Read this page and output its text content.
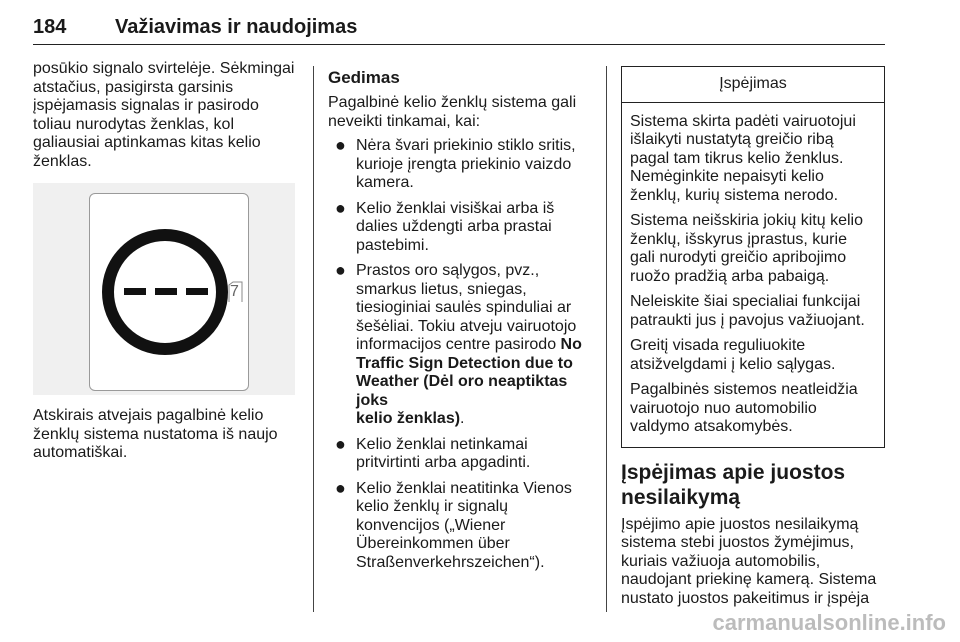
184 Važiavimas ir naudojimas

posūkio signalo svirtelėje. Sėkmingai
atstačius, pasigirsta garsinis
įspėjamasis signalas ir pasirodo
toliau nurodytas ženklas, kol
galiausiai aptinkamas kitas kelio
ženklas.

7

Atskirais atvejais pagalbinė kelio
ženklų sistema nustatoma iš naujo
automatiškai.

Gedimas

Pagalbinė kelio ženklų sistema gali
neveikti tinkamai, kai:

● Nėra švari priekinio stiklo sritis,
kurioje įrengta priekinio vaizdo
kamera.
● Kelio ženklai visiškai arba iš
dalies uždengti arba prastai
pastebimi.
● Prastos oro sąlygos, pvz.,
smarkus lietus, sniegas,
tiesioginiai saulės spinduliai ar
šešėliai. Tokiu atveju vairuotojo
informacijos centre pasirodo No
Traffic Sign Detection due to
Weather (Dėl oro neaptiktas joks
kelio ženklas).
● Kelio ženklai netinkamai
pritvirtinti arba apgadinti.
● Kelio ženklai neatitinka Vienos
kelio ženklų ir signalų
konvencijos („Wiener
Übereinkommen über
Straßenverkehrszeichen“).
Įspėjimas

Sistema skirta padėti vairuotojui
išlaikyti nustatytą greičio ribą
pagal tam tikrus kelio ženklus.
Nemėginkite nepaisyti kelio
ženklų, kurių sistema nerodo.

Sistema neišskiria jokių kitų kelio
ženklų, išskyrus įprastus, kurie
gali nurodyti greičio apribojimo
ruožo pradžią arba pabaigą.

Neleiskite šiai specialiai funkcijai
patraukti jus į pavojus važiuojant.

Greitį visada reguliuokite
atsižvelgdami į kelio sąlygas.

Pagalbinės sistemos neatleidžia
vairuotojo nuo automobilio
valdymo atsakomybės.

Įspėjimas apie juostos
nesilaikymą

Įspėjimo apie juostos nesilaikymą
sistema stebi juostos žymėjimus,
kuriais važiuoja automobilis,
naudojant priekinę kamerą. Sistema
nustato juostos pakeitimus ir įspėja

carmanualsonline.info
